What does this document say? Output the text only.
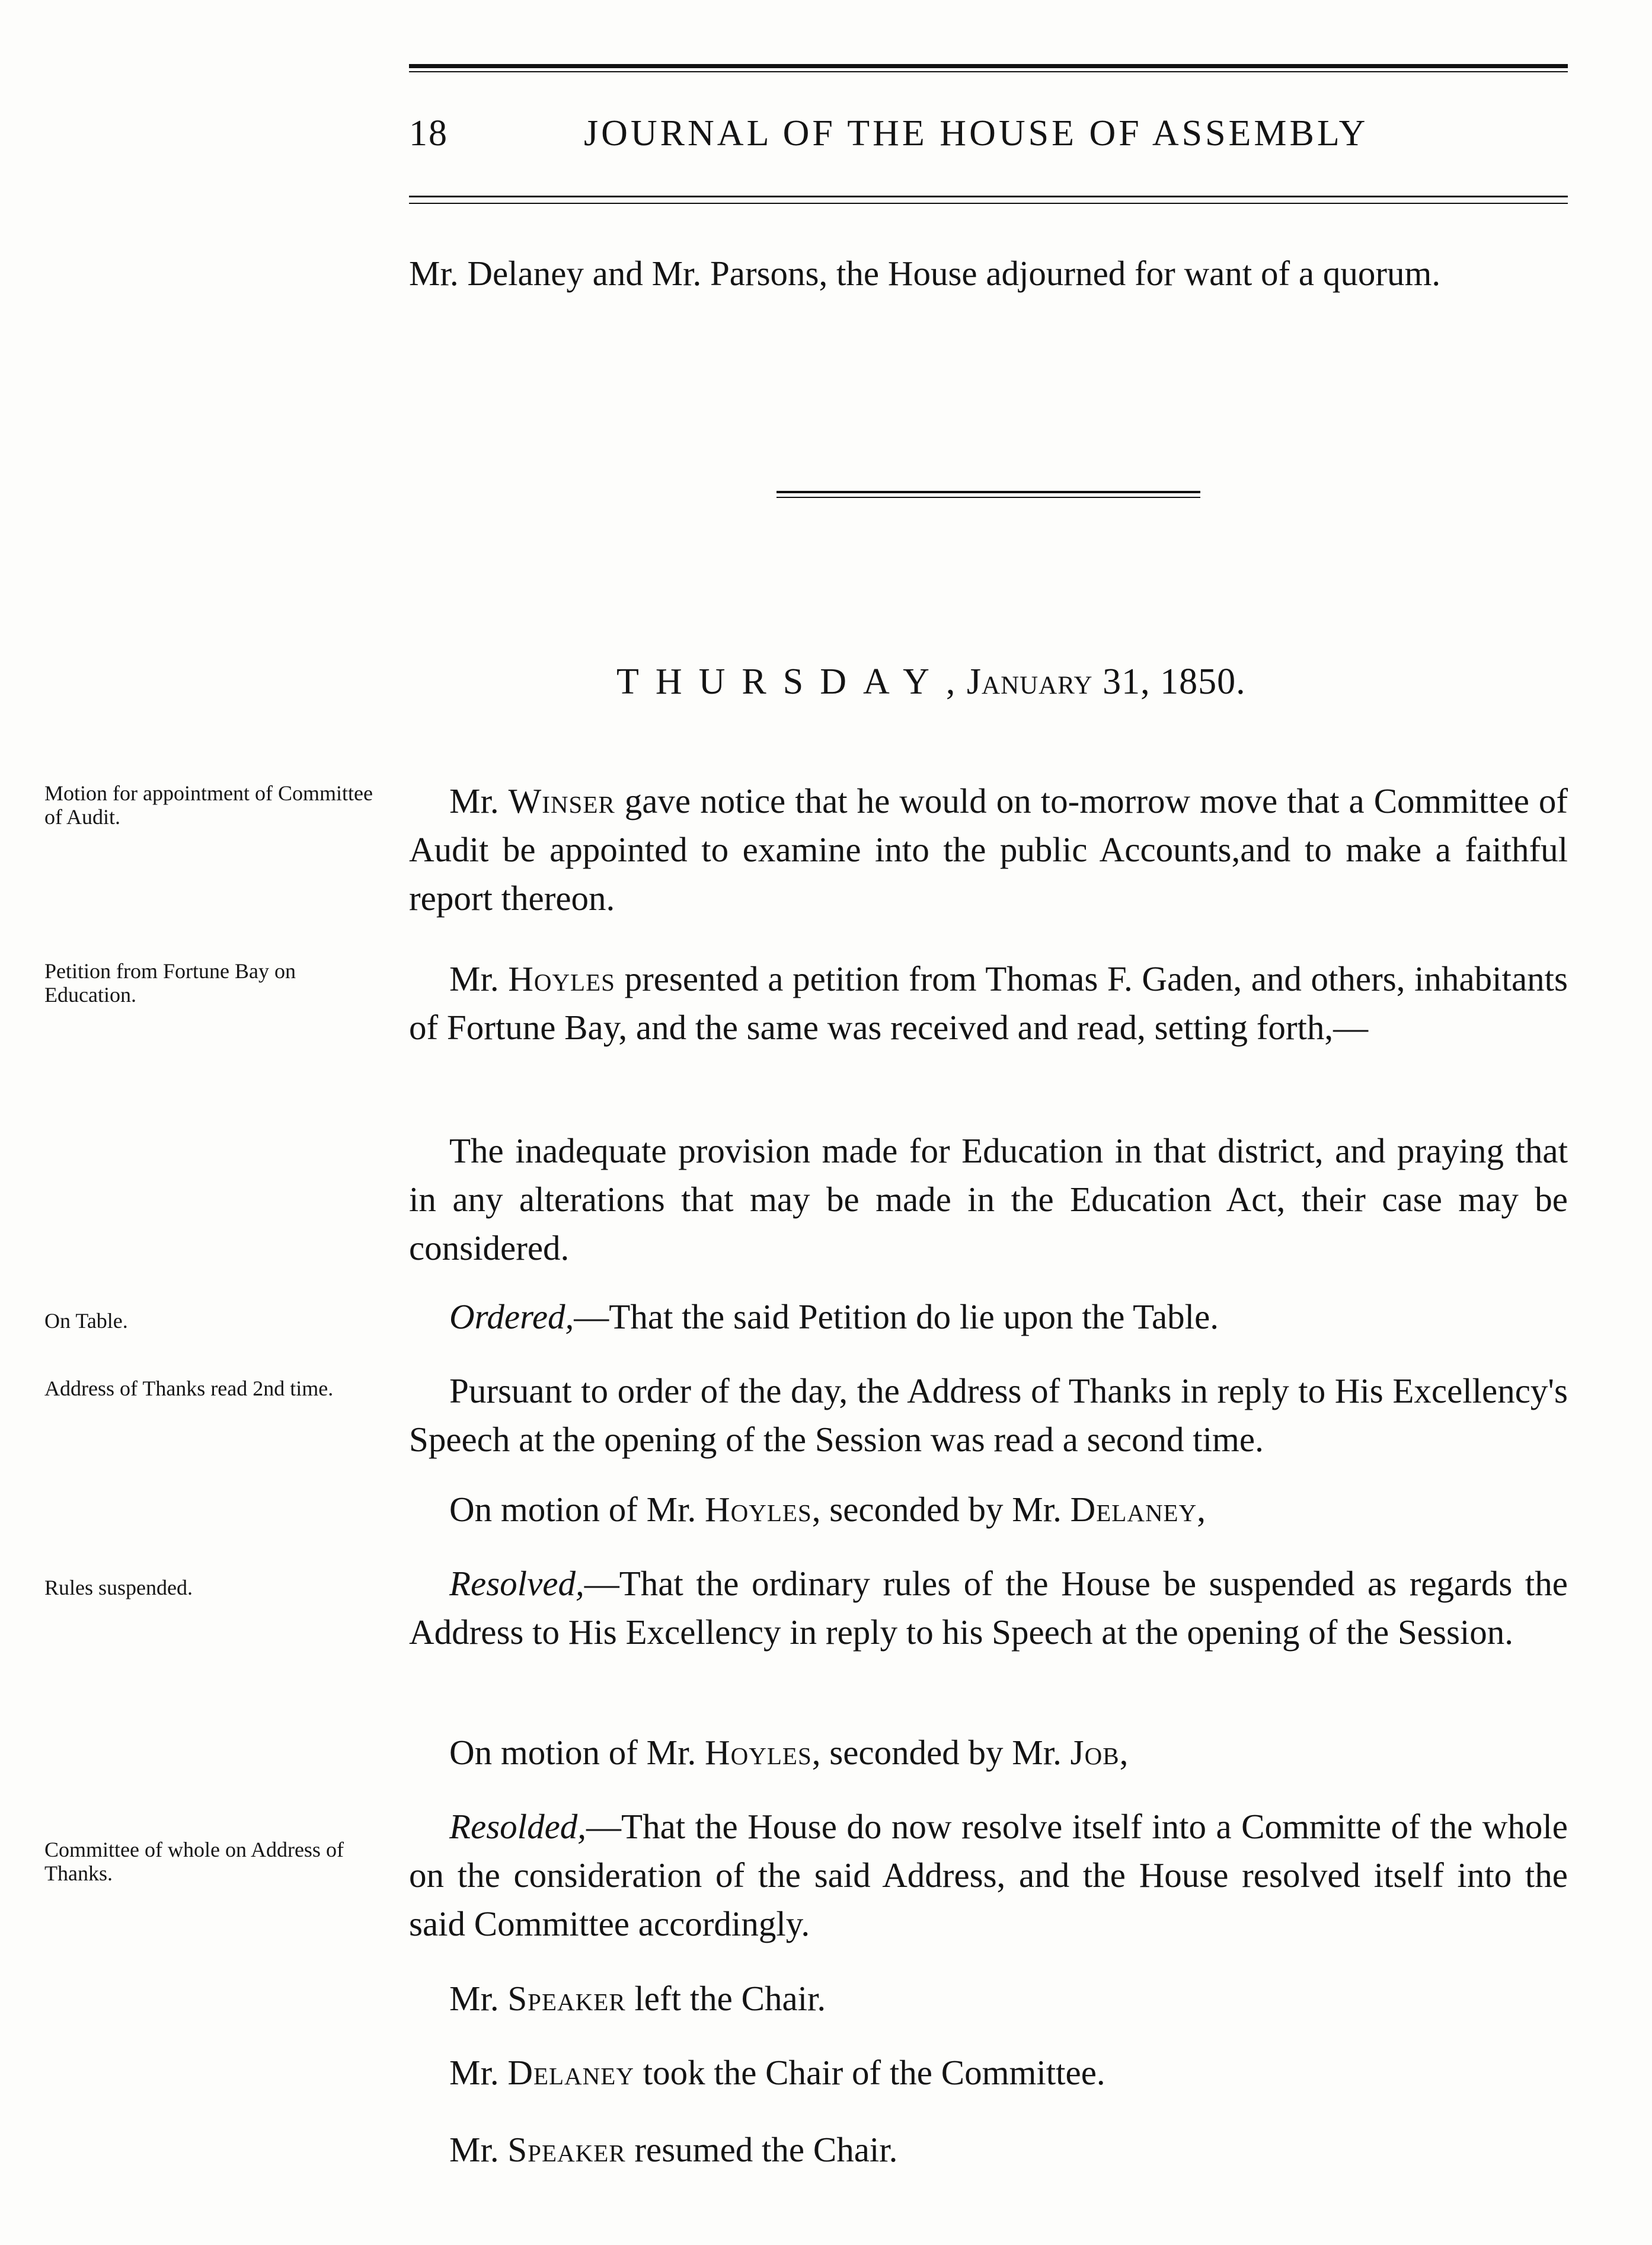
18	JOURNAL OF THE HOUSE OF ASSEMBLY
Mr. Delaney and Mr. Parsons, the House adjourned for want of a quorum.
THURSDAY, January 31, 1850.
Motion for appointment of Committee of Audit.
Petition from Fortune Bay on Education.
On Table.
Address of Thanks read 2nd time.
Rules suspended.
Committee of whole on Address of Thanks.
Mr. Winser gave notice that he would on to-morrow move that a Committee of Audit be appointed to examine into the public Accounts,and to make a faithful report thereon.
Mr. Hoyles presented a petition from Thomas F. Gaden, and others, inhabitants of Fortune Bay, and the same was received and read, setting forth,—
The inadequate provision made for Education in that district, and praying that in any alterations that may be made in the Education Act, their case may be considered.
Ordered,—That the said Petition do lie upon the Table.
Pursuant to order of the day, the Address of Thanks in reply to His Excellency's Speech at the opening of the Session was read a second time.
On motion of Mr. Hoyles, seconded by Mr. Delaney,
Resolved,—That the ordinary rules of the House be suspended as regards the Address to His Excellency in reply to his Speech at the opening of the Session.
On motion of Mr. Hoyles, seconded by Mr. Job,
Resolded,—That the House do now resolve itself into a Committe of the whole on the consideration of the said Address, and the House resolved itself into the said Committee accordingly.
Mr. Speaker left the Chair.
Mr. Delaney took the Chair of the Committee.
Mr. Speaker resumed the Chair.
